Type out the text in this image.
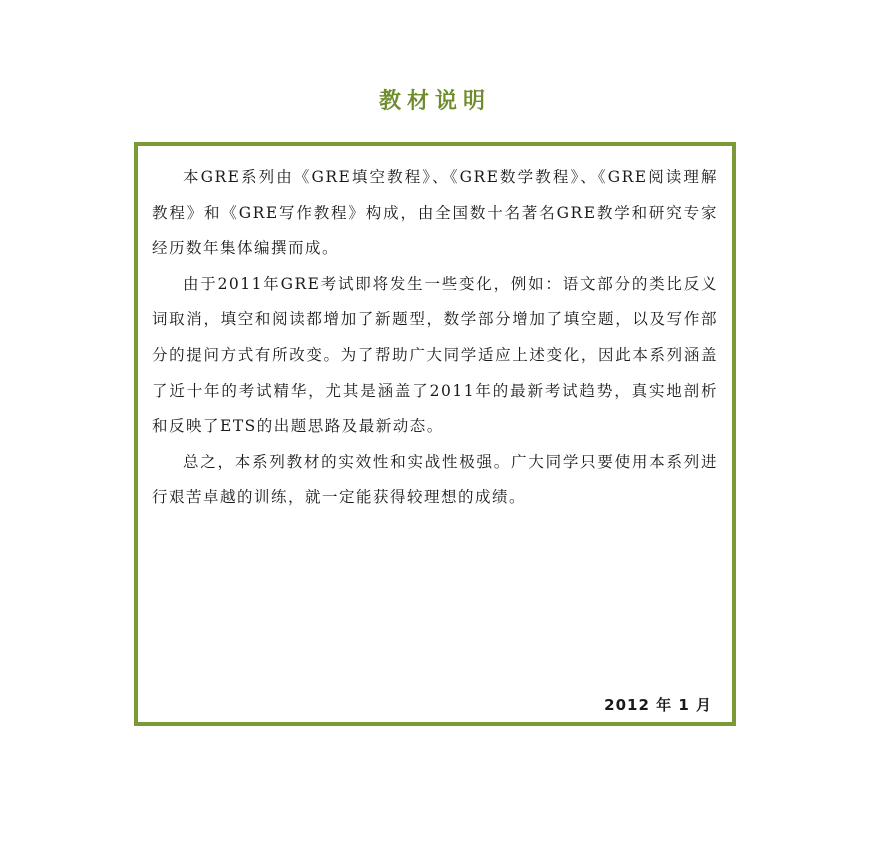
教材说明

本GRE系列由《GRE填空教程》、《GRE数学教程》、《GRE阅读理解教程》和《GRE写作教程》构成，由全国数十名著名GRE教学和研究专家经历数年集体编撰而成。

由于2011年GRE考试即将发生一些变化，例如：语文部分的类比反义词取消，填空和阅读都增加了新题型，数学部分增加了填空题，以及写作部分的提问方式有所改变。为了帮助广大同学适应上述变化，因此本系列涵盖了近十年的考试精华，尤其是涵盖了2011年的最新考试趋势，真实地剖析和反映了ETS的出题思路及最新动态。

总之，本系列教材的实效性和实战性极强。广大同学只要使用本系列进行艰苦卓越的训练，就一定能获得较理想的成绩。

2012 年 1 月
